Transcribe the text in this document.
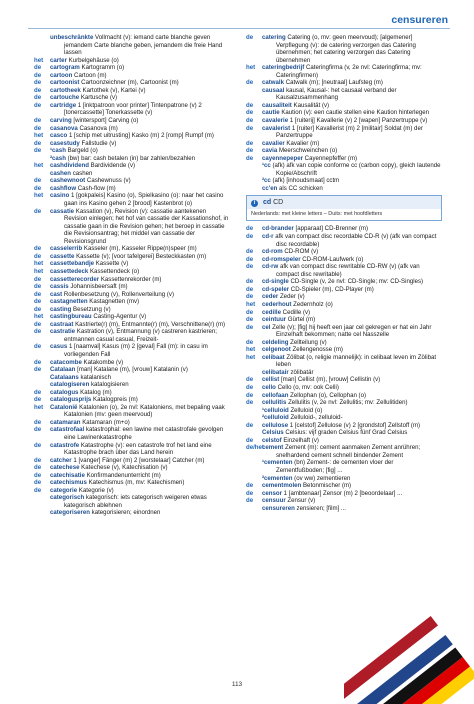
censureren
unbeschränkte Vollmacht (v): iemand carte blanche geven jemandem Carte blanche geben, jemandem die freie Hand lassen
het	carter Kurbelgehäuse (o)
de	cartogram Kartogramm (o)
de	cartoon Cartoon (m)
de	cartoonist Cartoonzeichner (m), Cartoonist (m)
de	cartotheek Kartothek (v), Kartei (v)
de	cartouche Kartusche (v)
de	cartridge 1 [inktpatroon voor printer] Tintenpatrone (v) 2 [tonercassette] Tonerkassette (v)
de	carving [wintersport] Carving (o)
de	casanova Casanova (m)
het	casco 1 [schip met uitrusting] Kasko (m) 2 [romp] Rumpf (m)
de	casestudy Fallstudie (v)
de	¹cash Bargeld (o)
²cash (bw) bar: cash betalen (in) bar zahlen/bezahlen
het	cashdividend Bardividende (v)
cashen cashen
de	cashewnoot Cashewnuss (v)
de	cashflow Cash-flow (m)
het	casino 1 [gokpaleis] Kasino (o), Spielkasino (o): naar het casino gaan ins Kasino gehen 2 [brood] Kastenbrot (o)
de	cassatie Kassation (v), Revision (v): cassatie aantekenen Revision einlegen; het hof van cassatie der Kassationshof, in cassatie gaan in die Revision gehen; het beroep in cassatie die Revisionsantrag; het middel van cassatie der Revisionsgrund
de	casselerrib Kasseler (m), Kasseler Rippe(n)speer (m)
de	cassette Kassette (v); [voor tafelgerei] Besteckkasten (m)
het	cassettebandje Kassette (v)
het	cassettedeck Kassettendeck (o)
de	cassetterecorder Kassettenrekorder (m)
de	cassis Johannisbeersaft (m)
de	cast Rollenbesetzung (v), Rollenverteilung (v)
de	castagnetten Kastagnetten (mv)
de	casting Besetzung (v)
het	castingbureau Casting-Agentur (v)
de	castraat Kastrierte(r) (m), Entmannte(r) (m), Verschnittene(r) (m)
de	castratie Kastration (v), Entmannung (v) castreren kastrieren; entmannen casual casual, Freizeit-
de	casus 1 [naamval] Kasus (m) 2 [geval] Fall (m): in casu im vorliegenden Fall
de	catacombe Katakombe (v)
de	Catalaan [man] Katalane (m), [vrouw] Katalanin (v)
Catalaans katalanisch
catalogiseren katalogisieren
de	catalogus Katalog (m)
de	catalogusprijs Katalogpreis (m)
het	Catalonië Katalonien (o), 2e nvl: Kataloniens, met bepaling vaak Katalonien (mv: geen meervoud)
de	catamaran Katamaran (m+o)
de	catastrofaal katastrophal: een lawine met catastrofale gevolgen eine Lawinenkatastrophe
de	catastrofe Katastrophe (v): een catastrofe trof het land eine Katastrophe brach über das Land herein
de	catcher 1 [vanger] Fänger (m) 2 [worstelaar] Catcher (m)
de	catechese Katechese (v), Katechisation (v)
de	catechisatie Konfirmandenunterricht (m)
de	catechismus Katechismus (m, mv: Katechismen)
de	categorie Kategorie (v)
categorisch kategorisch: iets categorisch weigeren etwas kategorisch ablehnen
categoriseren kategorisieren; einordnen
de	catering Catering (o, mv: geen meervoud); [algemener] Verpflegung (v): de catering verzorgen das Catering übernehmen; het catering verzorgen das Catering übernehmen
het	cateringbedrijf Cateringfirma (v, 2e nvl: Cateringfirma; mv: Cateringfirmen)
de	catwalk Catwalk (m); [neutraal] Laufsteg (m)
causaal kausal, Kausal-: het causaal verband der Kausalzusammenhang
de	causaliteit Kausalität (v)
de	cautie Kaution (v): een cautie stellen eine Kaution hinterlegen
de	cavalerie 1 [ruiterij] Kavallerie (v) 2 [wapen] Panzertruppe (v)
de	cavalerist 1 [ruiter] Kavallerist (m) 2 [militair] Soldat (m) der Panzertruppe
de	cavalier Kavalier (m)
de	cavia Meerschweinchen (o)
de	cayennepeper Cayennepfeffer (m)
¹cc (afk) afk van copie conforme cc (carbon copy), gleich lautende Kopie/Abschrift
²cc (afk) [inhoudsmaat] cctm
cc'en als CC schicken
i cd CD
Nederlands: met kleine letters – Duits: met hoofdletters
de	cd-brander [apparaat] CD-Brenner (m)
de	cd-r afk van compact disc recordable CD-R (v) (afk van compact disc recordable)
de	cd-rom CD-ROM (v)
de	cd-romspeler CD-ROM-Laufwerk (o)
de	cd-rw afk van compact disc rewritable CD-RW (v) (afk van compact disc rewritable)
de	cd-single CD-Single (v, 2e nvl: CD-Single; mv: CD-Singles)
de	cd-speler CD-Spieler (m), CD-Player (m)
de	ceder Zeder (v)
het	cederhout Zedernholz (o)
de	cedille Cedille (v)
de	ceintuur Gürtel (m)
de	cel Zelle (v); [fig] hij heeft een jaar cel gekregen er hat ein Jahr Einzelhaft bekommen; natte cel Nasszelle
de	celdeling Zellteilung (v)
het	celgenoot Zellengenosse (m)
het	celibaat Zölibat (o, religie mannelijk): in celibaat leven im Zölibat leben
celibatair zölibatär
de	cellist [man] Cellist (m), [vrouw] Cellistin (v)
de	cello Cello (o, mv: ook Celli)
de	cellofaan Zellophan (o), Cellophan (o)
de	cellulitis Zellulitis (v, 2e nvl: Zellulitis; mv: Zellulitiden)
¹celluloid Zelluloid (o)
²celluloid Zelluloid-, zelluloid-
de	cellulose 1 [celstof] Zellulose (v) 2 [grondstof] Zellstoff (m)
Celsius Celsius: vijf graden Celsius fünf Grad Celsius
de	celstof Einzelhaft (v)
de/het
cement Zement (m): cement aanmaken Zement anrühren; snelhardend cement schnell bindender Zement
¹cementen (bn) Zement-: de cementen vloer der Zementfußboden; [fig] ...
²cementen (ov ww) zementieren
de	cementmolen Betonmischer (m)
de	censor 1 [ambtenaar] Zensor (m) 2 [beoordelaar] ...
de	censuur Zensur (v)
censureren zensieren; [film] ...
113
